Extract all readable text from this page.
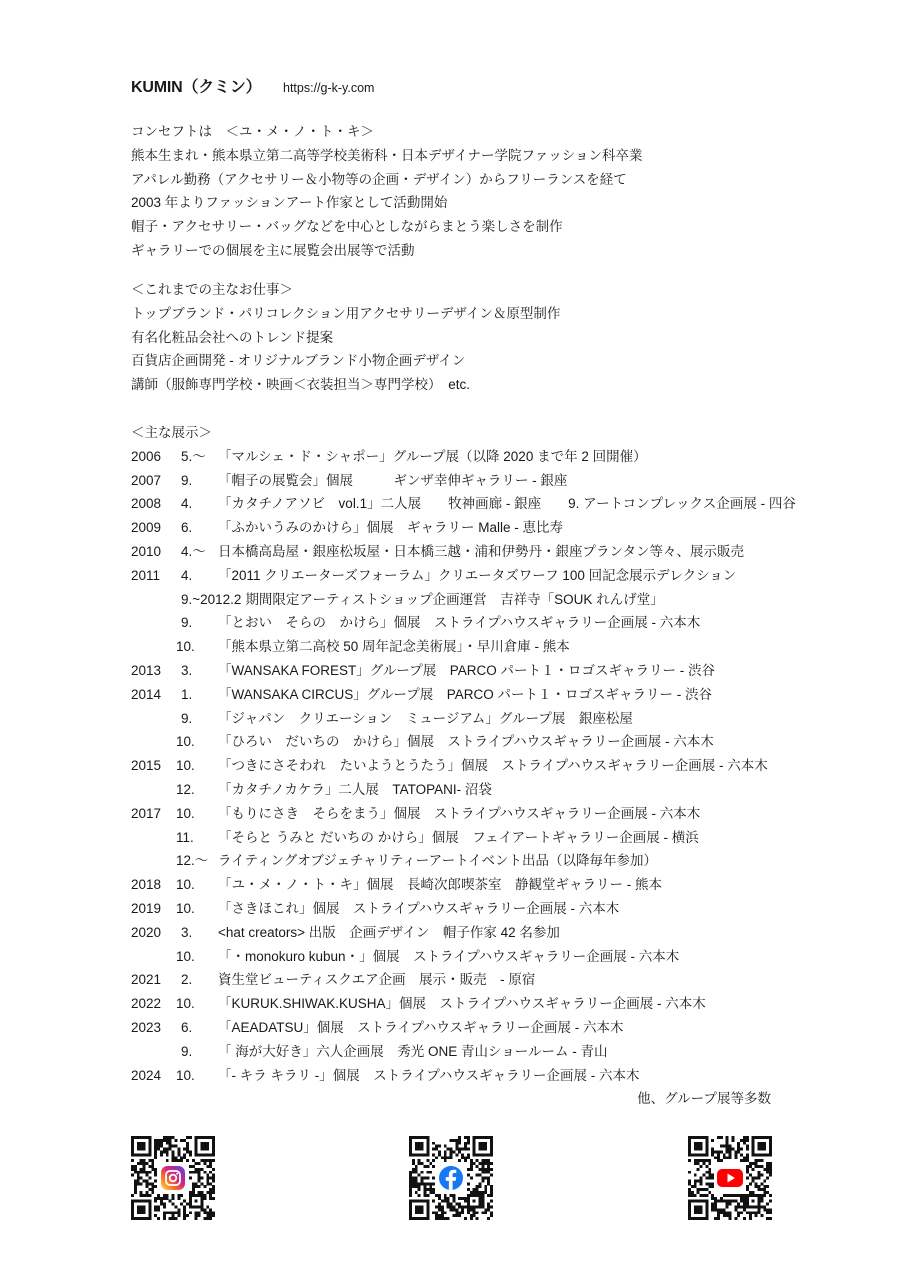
KUMIN（クミン） https://g-k-y.com
コンセフトは　＜ユ・メ・ノ・ト・キ＞
熊本生まれ・熊本県立第二高等学校美術科・日本デザイナー学院ファッション科卒業
アパレル勤務（アクセサリー＆小物等の企画・デザイン）からフリーランスを経て
2003 年よりファッションアート作家として活動開始
帽子・アクセサリー・バッグなどを中心としながらまとう楽しさを制作
ギャラリーでの個展を主に展覧会出展等で活動
＜これまでの主なお仕事＞
トップブランド・パリコレクション用アクセサリーデザイン＆原型制作
有名化粧品会社へのトレンド提案
百貨店企画開発 - オリジナルブランド小物企画デザイン
講師（服飾専門学校・映画＜衣装担当＞専門学校）　etc.
＜主な展示＞
2006	5.～ 「マルシェ・ド・シャポー」グループ展（以降 2020 まで年 2 回開催）
2007	9.	「帽子の展覧会」個展　　　ギンザ幸伸ギャラリー - 銀座
2008	4.	「カタチノアソビ　vol.1」二人展　　牧神画廊 - 銀座　　9. アートコンプレックス企画展 - 四谷
2009	6.	「ふかいうみのかけら」個展　ギャラリー Malle - 恵比寿
2010	4.～ 日本橋高島屋・銀座松坂屋・日本橋三越・浦和伊勢丹・銀座プランタン等々、展示販売
2011	4.	「2011 クリエーターズフォーラム」クリエータズワーフ 100 回記念展示デレクション
9.~2012.2 期間限定アーティストショップ企画運営　吉祥寺「SOUK れんげ堂」
9.	「とおい　そらの　かけら」個展　ストライプハウスギャラリー企画展 - 六本木
10.	「熊本県立第二高校 50 周年記念美術展」・早川倉庫 - 熊本
2013	3.	「WANSAKA FOREST」グループ展　PARCO パート１・ロゴスギャラリー - 渋谷
2014	1.	「WANSAKA CIRCUS」グループ展　PARCO パート１・ロゴスギャラリー - 渋谷
9.	「ジャパン　クリエーション　ミュージアム」グループ展　銀座松屋
10.	「ひろい　だいちの　かけら」個展　ストライプハウスギャラリー企画展 - 六本木
2015	10.	「つきにさそわれ　たいようとうたう」個展　ストライプハウスギャラリー企画展 - 六本木
12.	「カタチノカケラ」二人展　TATOPANI- 沼袋
2017	10.	「もりにさき　そらをまう」個展　ストライプハウスギャラリー企画展 - 六本木
11.	「そらと うみと だいちの かけら」個展　フェイアートギャラリー企画展 - 横浜
12.～ ライティングオブジェチャリティーアートイベント出品（以降毎年参加）
2018	10.	「ユ・メ・ノ・ト・キ」個展　長崎次郎喫茶室　静観堂ギャラリー - 熊本
2019	10.	「さきほこれ」個展　ストライプハウスギャラリー企画展 - 六本木
2020	3.	<hat creators> 出版　企画デザイン　帽子作家 42 名参加
10.	「・monokuro kubun・」個展　ストライプハウスギャラリー企画展 - 六本木
2021	2.	資生堂ビューティスクエア企画　展示・販売　- 原宿
2022	10.	「KURUK.SHIWAK.KUSHA」個展　ストライプハウスギャラリー企画展 - 六本木
2023	6.	「AEADATSU」個展　ストライプハウスギャラリー企画展 - 六本木
9.	「 海が大好き」六人企画展　秀光 ONE 青山ショールーム - 青山
2024	10.	「- キラ キラリ -」個展　ストライプハウスギャラリー企画展 - 六本木
他、グループ展等多数
